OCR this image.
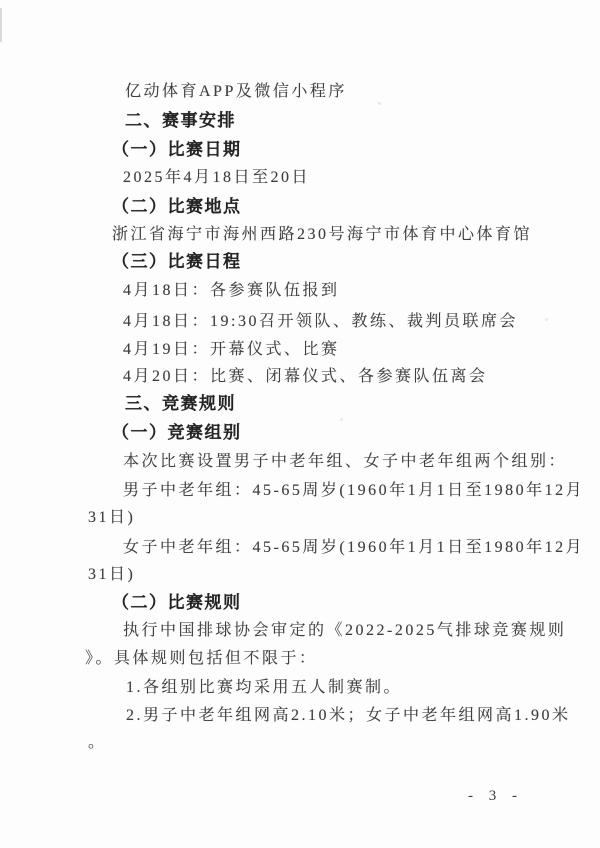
亿动体育APP及微信小程序
二、赛事安排
（一）比赛日期
2025年4月18日至20日
（二）比赛地点
浙江省海宁市海州西路230号海宁市体育中心体育馆
（三）比赛日程
4月18日：各参赛队伍报到
4月18日：19:30召开领队、教练、裁判员联席会
4月19日：开幕仪式、比赛
4月20日：比赛、闭幕仪式、各参赛队伍离会
三、竞赛规则
（一）竞赛组别
本次比赛设置男子中老年组、女子中老年组两个组别：
男子中老年组：45-65周岁(1960年1月1日至1980年12月
31日)
女子中老年组：45-65周岁(1960年1月1日至1980年12月
31日)
（二）比赛规则
执行中国排球协会审定的《2022-2025气排球竞赛规则
》。具体规则包括但不限于：
1.各组别比赛均采用五人制赛制。
2.男子中老年组网高2.10米；女子中老年组网高1.90米
。
- 3 -
